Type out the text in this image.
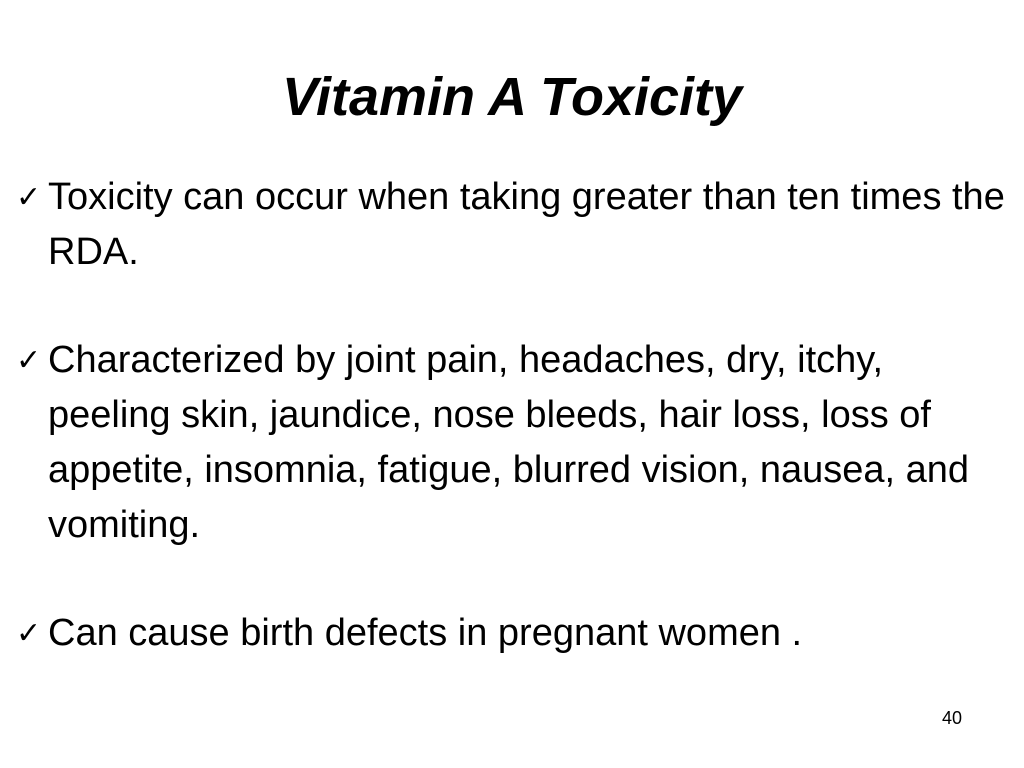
Vitamin A Toxicity
✓ Toxicity can occur when taking greater than ten times the RDA.
✓ Characterized by joint pain, headaches, dry, itchy, peeling skin, jaundice, nose bleeds, hair loss, loss of appetite, insomnia, fatigue, blurred vision, nausea, and vomiting.
✓ Can cause birth defects in pregnant women .
40
